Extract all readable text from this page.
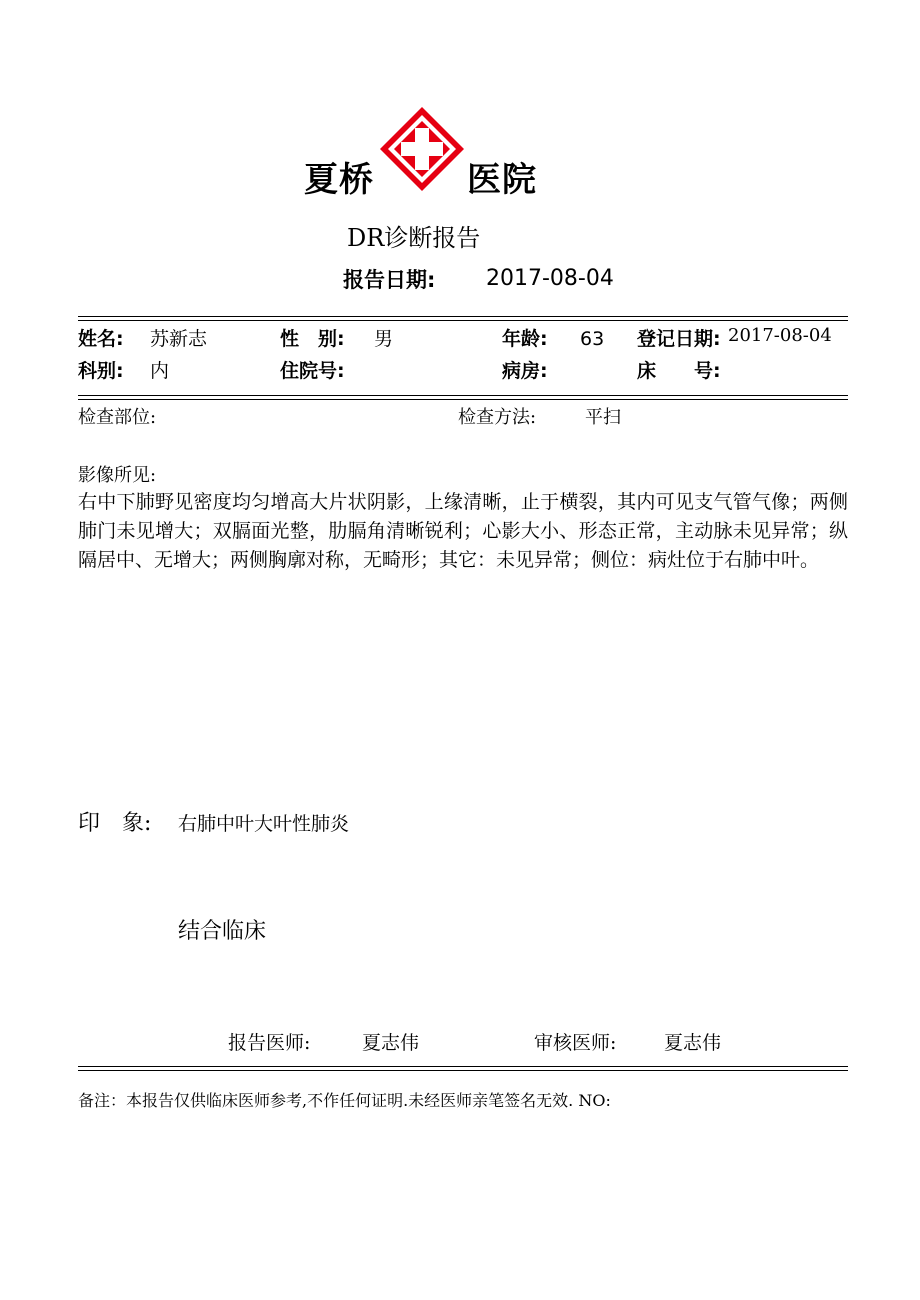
夏桥	医院
DR诊断报告
报告日期: 2017-08-04
姓名: 苏新志	性　别: 男	年龄: 63 登记日期: 2017-08-04
科别: 内	住院号:	病房:	床　　号:
检查部位:	检查方法:	平扫
影像所见:
右中下肺野见密度均匀增高大片状阴影，上缘清晰，止于横裂，其内可见支气管气像；两侧肺门未见增大；双膈面光整，肋膈角清晰锐利；心影大小、形态正常，主动脉未见异常；纵隔居中、无增大；两侧胸廓对称，无畸形；其它：未见异常；侧位：病灶位于右肺中叶。
印　象: 右肺中叶大叶性肺炎
结合临床
报告医师:	夏志伟	审核医师:	夏志伟
备注：本报告仅供临床医师参考,不作任何证明.未经医师亲笔签名无效. NO:
